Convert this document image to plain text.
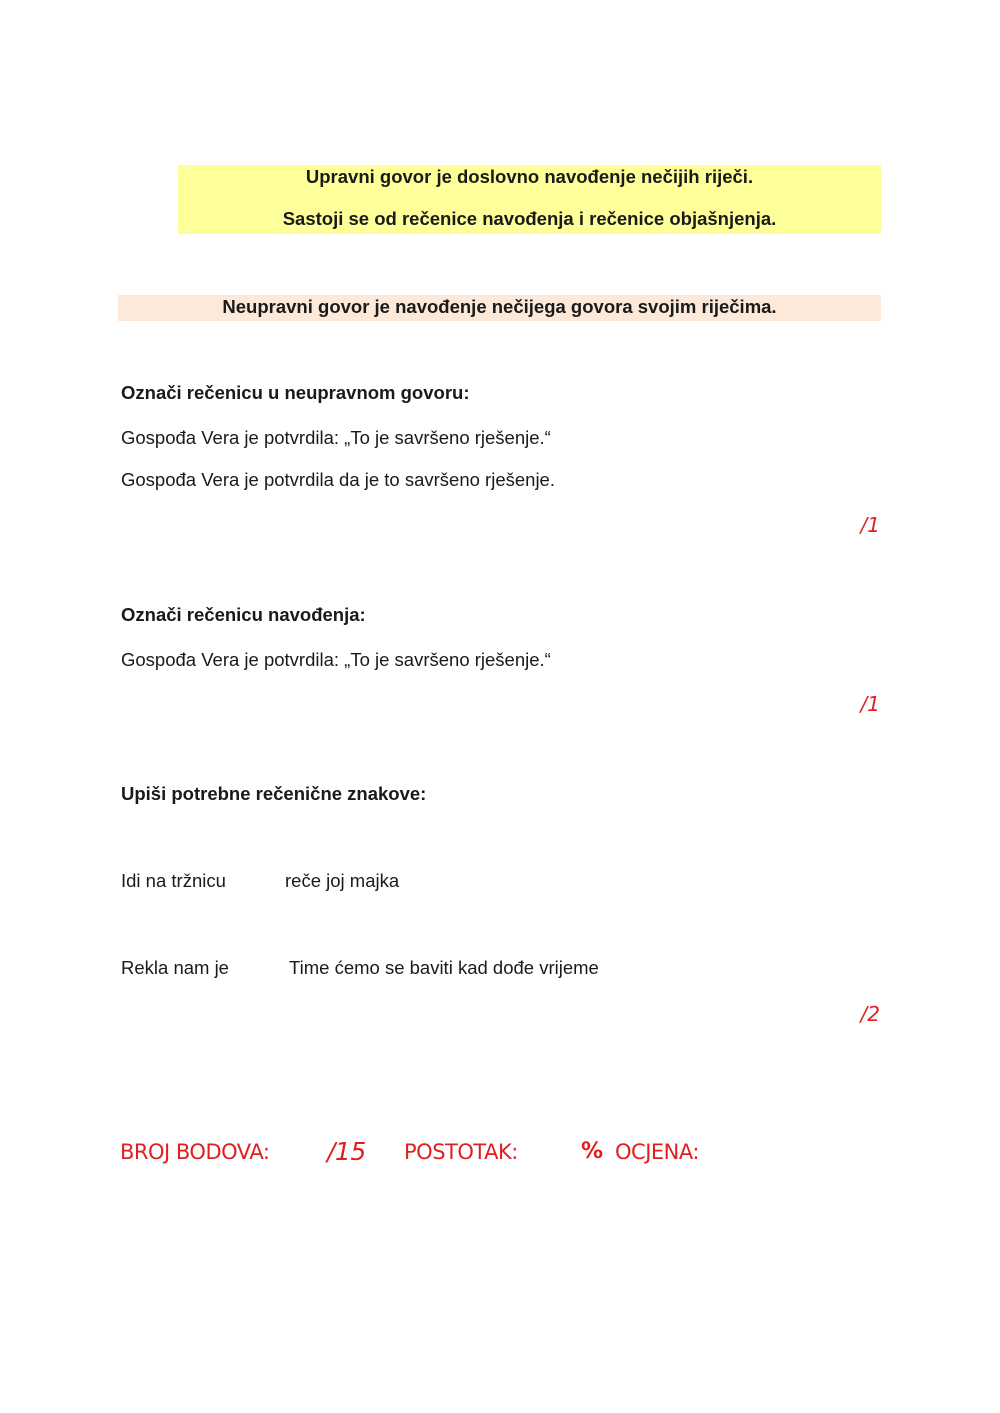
Upravni govor je doslovno navođenje nečijih riječi.
Sastoji se od rečenice navođenja i rečenice objašnjenja.
Neupravni govor je navođenje nečijega govora svojim riječima.
Označi rečenicu u neupravnom govoru:
Gospođa Vera je potvrdila: „To je savršeno rješenje.“
Gospođa Vera je potvrdila da je to savršeno rješenje.
/1
Označi rečenicu navođenja:
Gospođa Vera je potvrdila: „To je savršeno rješenje.“
/1
Upiši potrebne rečenične znakove:
Idi na tržnicu	reče joj majka
Rekla nam je	Time ćemo se baviti kad dođe vrijeme
/2
BROJ BODOVA: /15 POSTOTAK:	% OCJENA:
